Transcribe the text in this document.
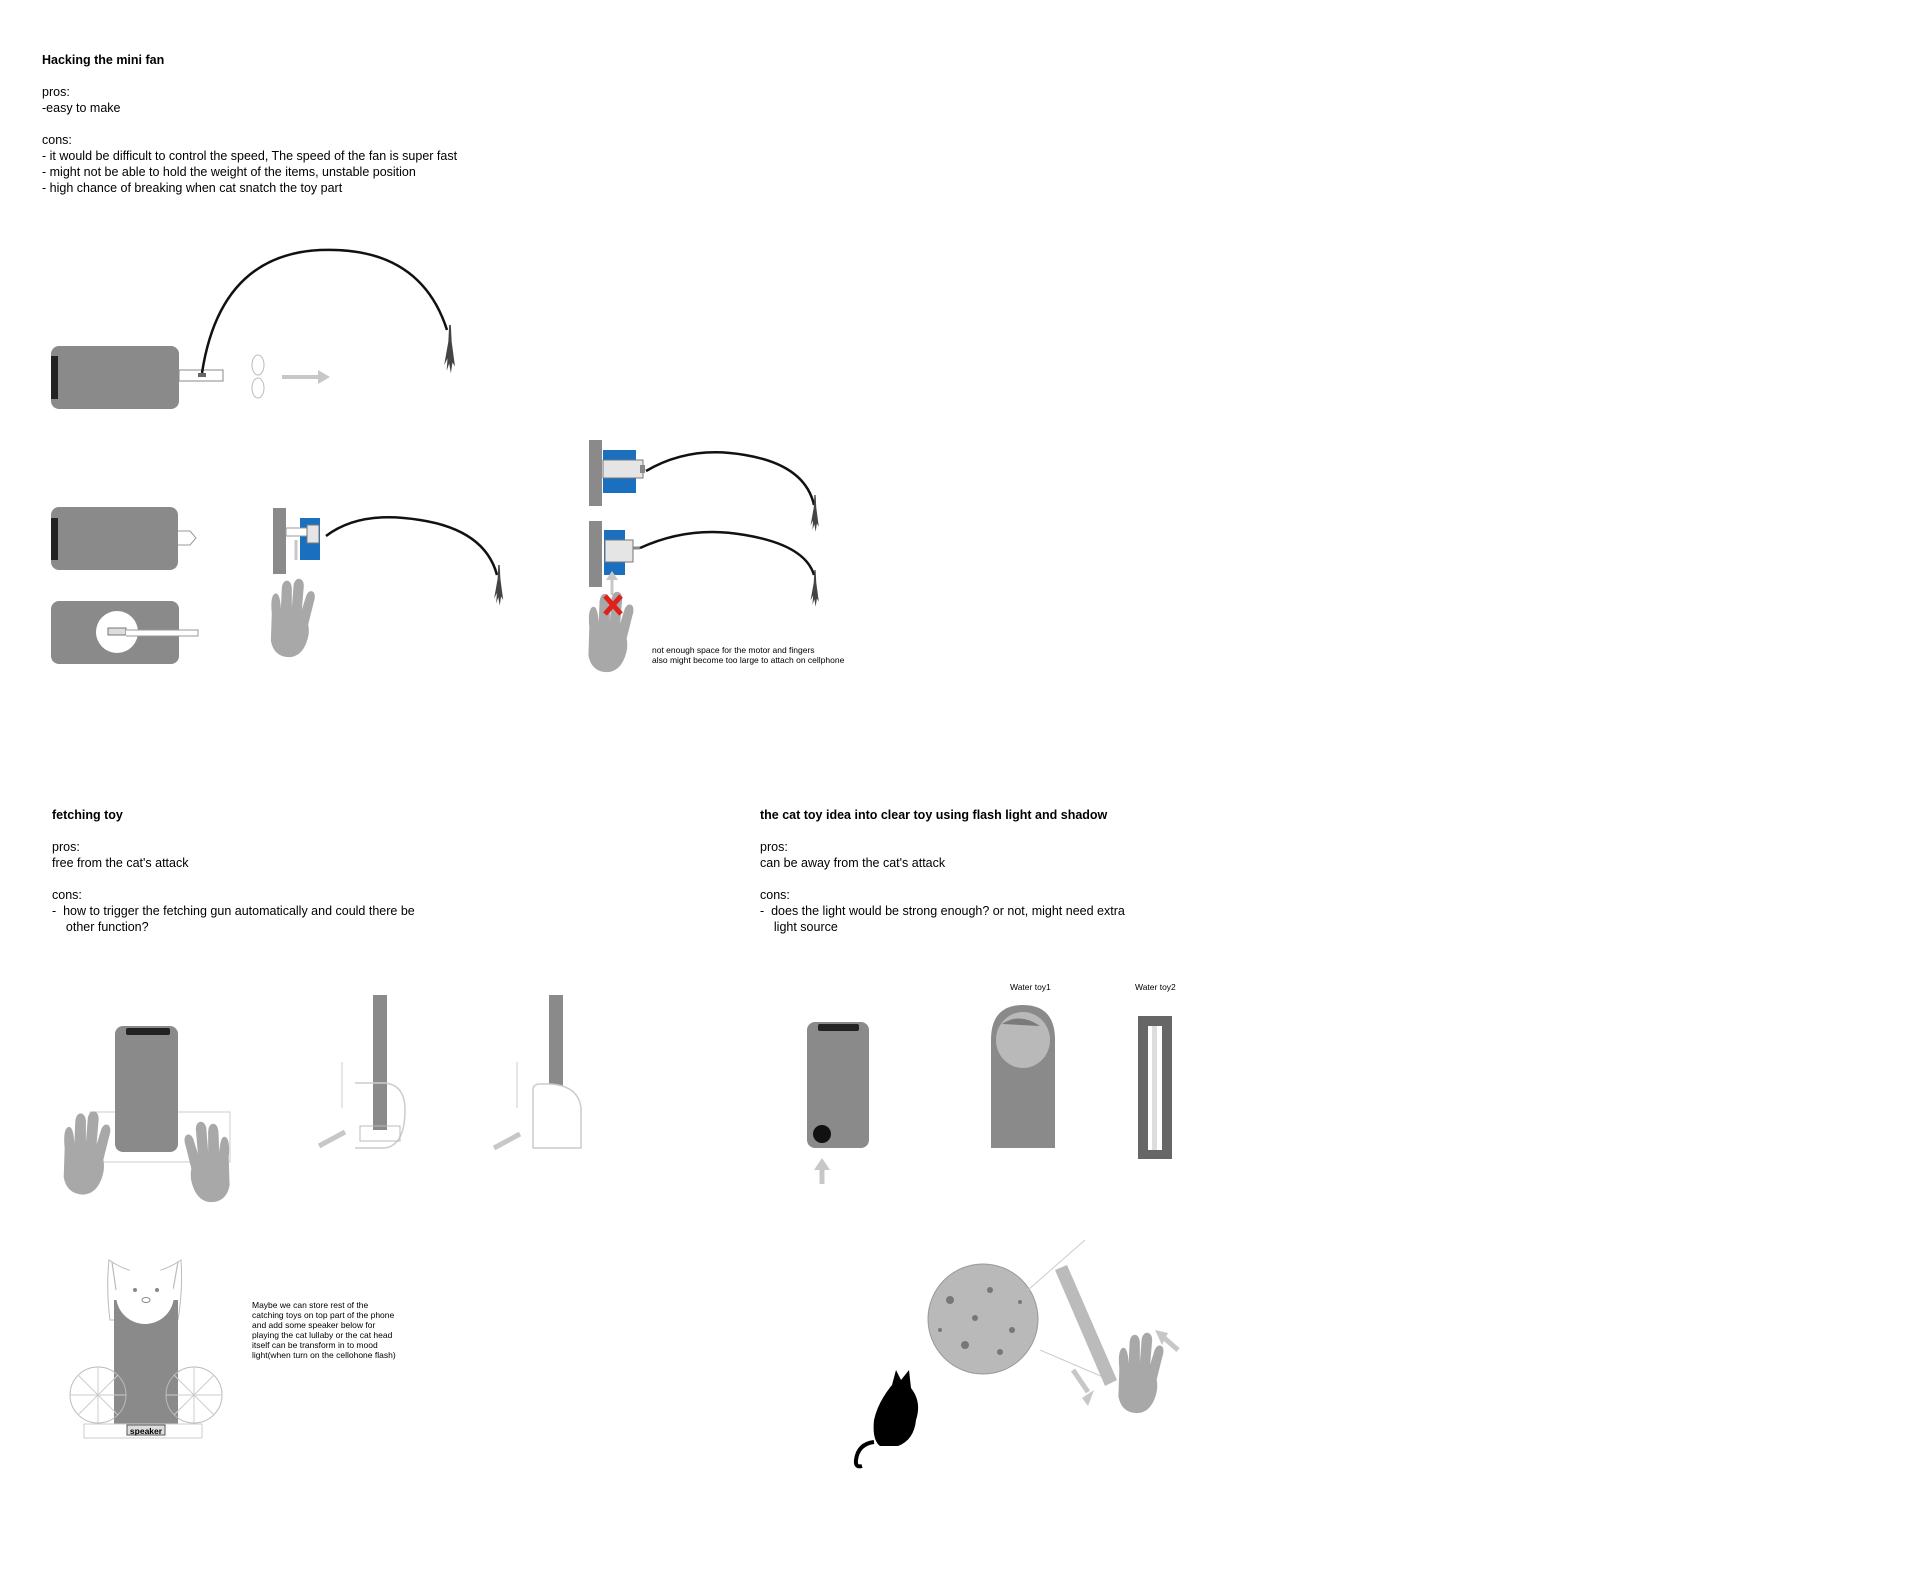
Hacking the mini fan

pros:

-easy to make

cons:

- it would be difficult to control the speed, The speed of the fan is super fast

- might not be able to hold the weight of the items, unstable position

- high chance of breaking when cat snatch the toy part

not enough space for the motor and fingers

also might become too large to attach on cellphone

fetching toy

pros:

free from the cat's attack

cons:

-  how to trigger the fetching gun automatically and could there be

other function?

Maybe we can store rest of the

catching toys on top part of the phone

and add some speaker below for

playing the cat lullaby or the cat head

itself can be transform in to mood

light(when turn on the cellohone flash)

the cat toy idea into clear toy using flash light and shadow

pros:

can be away from the cat's attack

cons:

-  does the light would be strong enough? or not, might need extra

light source

Water toy1	Water toy2
speaker
